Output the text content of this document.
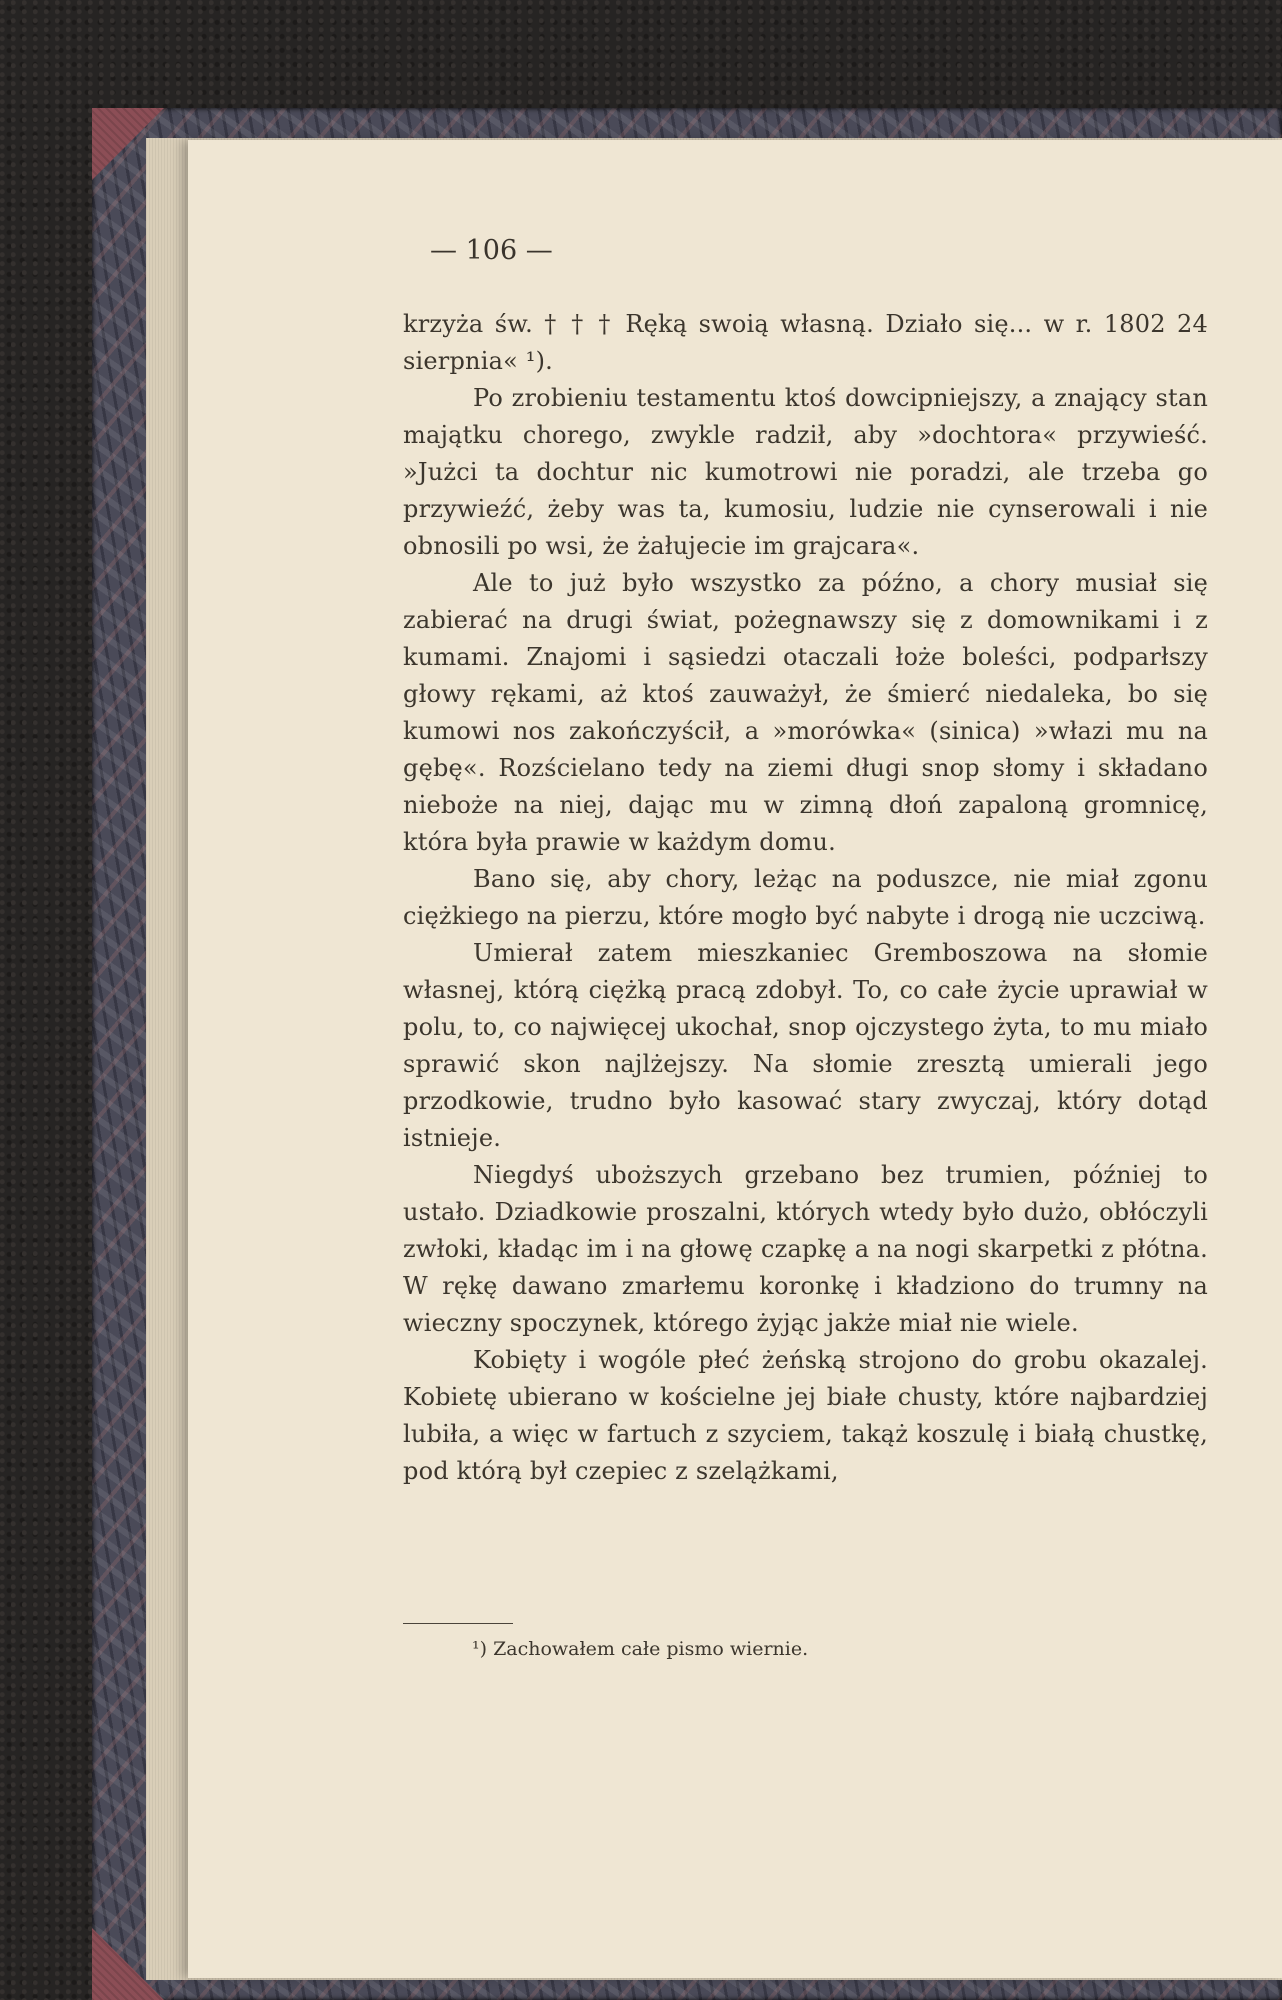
— 106 —

krzyża św. † † † Ręką swoią własną. Działo się... w r. 1802 24 sierpnia« ¹).

Po zrobieniu testamentu ktoś dowcipniejszy, a znający stan majątku chorego, zwykle radził, aby »dochtora« przywieść. »Jużci ta dochtur nic kumotrowi nie poradzi, ale trzeba go przywieźć, żeby was ta, kumosiu, ludzie nie cynserowali i nie obnosili po wsi, że żałujecie im grajcara«.

Ale to już było wszystko za późno, a chory musiał się zabierać na drugi świat, pożegnawszy się z domownikami i z kumami. Znajomi i sąsiedzi otaczali łoże boleści, podparłszy głowy rękami, aż ktoś zauważył, że śmierć niedaleka, bo się kumowi nos zakończyścił, a »morówka« (sinica) »włazi mu na gębę«. Rozścielano tedy na ziemi długi snop słomy i składano nieboże na niej, dając mu w zimną dłoń zapaloną gromnicę, która była prawie w każdym domu.

Bano się, aby chory, leżąc na poduszce, nie miał zgonu ciężkiego na pierzu, które mogło być nabyte i drogą nie uczciwą.

Umierał zatem mieszkaniec Gremboszowa na słomie własnej, którą ciężką pracą zdobył. To, co całe życie uprawiał w polu, to, co najwięcej ukochał, snop ojczystego żyta, to mu miało sprawić skon najlżejszy. Na słomie zresztą umierali jego przodkowie, trudno było kasować stary zwyczaj, który dotąd istnieje.

Niegdyś uboższych grzebano bez trumien, później to ustało. Dziadkowie proszalni, których wtedy było dużo, obłóczyli zwłoki, kładąc im i na głowę czapkę a na nogi skarpetki z płótna. W rękę dawano zmarłemu koronkę i kładziono do trumny na wieczny spoczynek, którego żyjąc jakże miał nie wiele.

Kobięty i wogóle płeć żeńską strojono do grobu okazalej. Kobietę ubierano w kościelne jej białe chusty, które najbardziej lubiła, a więc w fartuch z szyciem, takąż koszulę i białą chustkę, pod którą był czepiec z szelążkami,

¹) Zachowałem całe pismo wiernie.
